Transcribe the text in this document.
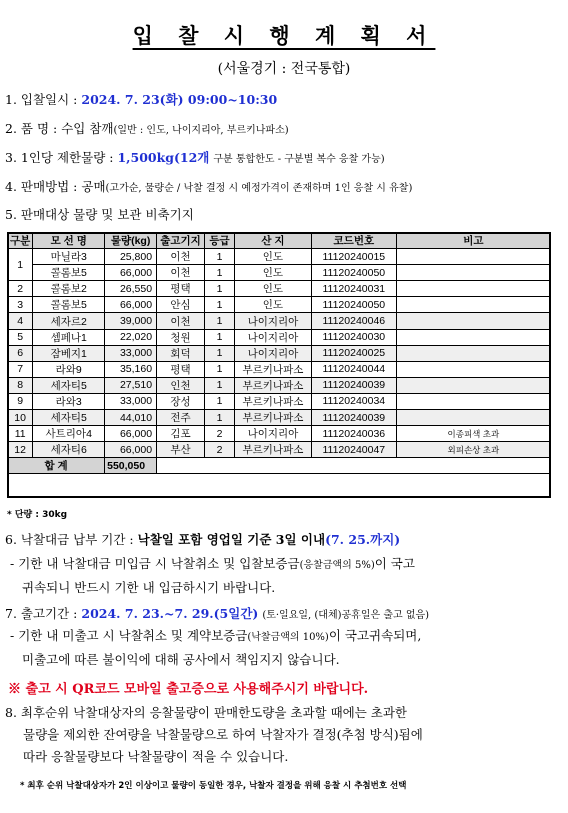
입 찰 시 행 계 획 서
(서울경기 : 전국통합)
1. 입찰일시 : 2024. 7. 23(화) 09:00~10:30
2. 품 명 : 수입 참깨(일반 : 인도, 나이지리아, 부르키나파소)
3. 1인당 제한물량 : 1,500kg(12개 구분 통합한도 - 구분별 복수 응찰 가능)
4. 판매방법 : 공매(고가순, 물량순 / 낙찰 결정 시 예정가격이 존재하며 1인 응찰 시 유찰)
5. 판매대상 물량 및 보관 비축기지
구분	모 선 명	물량(kg)	출고기지	등급	산 지	코드번호	비고
1	마닐라3	25,800	이천	1	인도	11120240015	
	콜롬보5	66,000	이천	1	인도	11120240050	
2	콜롬보2	26,550	평택	1	인도	11120240031	
3	콜롬보5	66,000	안심	1	인도	11120240050	
4	세자르2	39,000	이천	1	나이지리아	11120240046	
5	셈페나1	22,020	청원	1	나이지리아	11120240030	
6	잠베지1	33,000	회덕	1	나이지리아	11120240025	
7	라와9	35,160	평택	1	부르키나파소	11120240044	
8	세자티5	27,510	인천	1	부르키나파소	11120240039	
9	라와3	33,000	장성	1	부르키나파소	11120240034	
10	세자티5	44,010	전주	1	부르키나파소	11120240039	
11	사트리아4	66,000	김포	2	나이지리아	11120240036	이종피색 초과
12	세자티6	66,000	부산	2	부르키나파소	11120240047	외피손상 초과
합 계		550,050					
* 단량 : 30kg
6. 낙찰대금 납부 기간 : 낙찰일 포함 영업일 기준 3일 이내(7. 25.까지)
- 기한 내 낙찰대금 미입금 시 낙찰취소 및 입찰보증금(응찰금액의 5%)이 국고
귀속되니 반드시 기한 내 입금하시기 바랍니다.
7. 출고기간 : 2024. 7. 23.~7. 29.(5일간) (토·일요일, (대체)공휴일은 출고 없음)
- 기한 내 미출고 시 낙찰취소 및 계약보증금(낙찰금액의 10%)이 국고귀속되며,
미출고에 따른 불이익에 대해 공사에서 책임지지 않습니다.
※ 출고 시 QR코드 모바일 출고증으로 사용해주시기 바랍니다.
8. 최후순위 낙찰대상자의 응찰물량이 판매한도량을 초과할 때에는 초과한
물량을 제외한 잔여량을 낙찰물량으로 하여 낙찰자가 결정(추첨 방식)됨에
따라 응찰물량보다 낙찰물량이 적을 수 있습니다.
* 최후 순위 낙찰대상자가 2인 이상이고 물량이 동일한 경우, 낙찰자 결정을 위해 응찰 시 추첨번호 선택
